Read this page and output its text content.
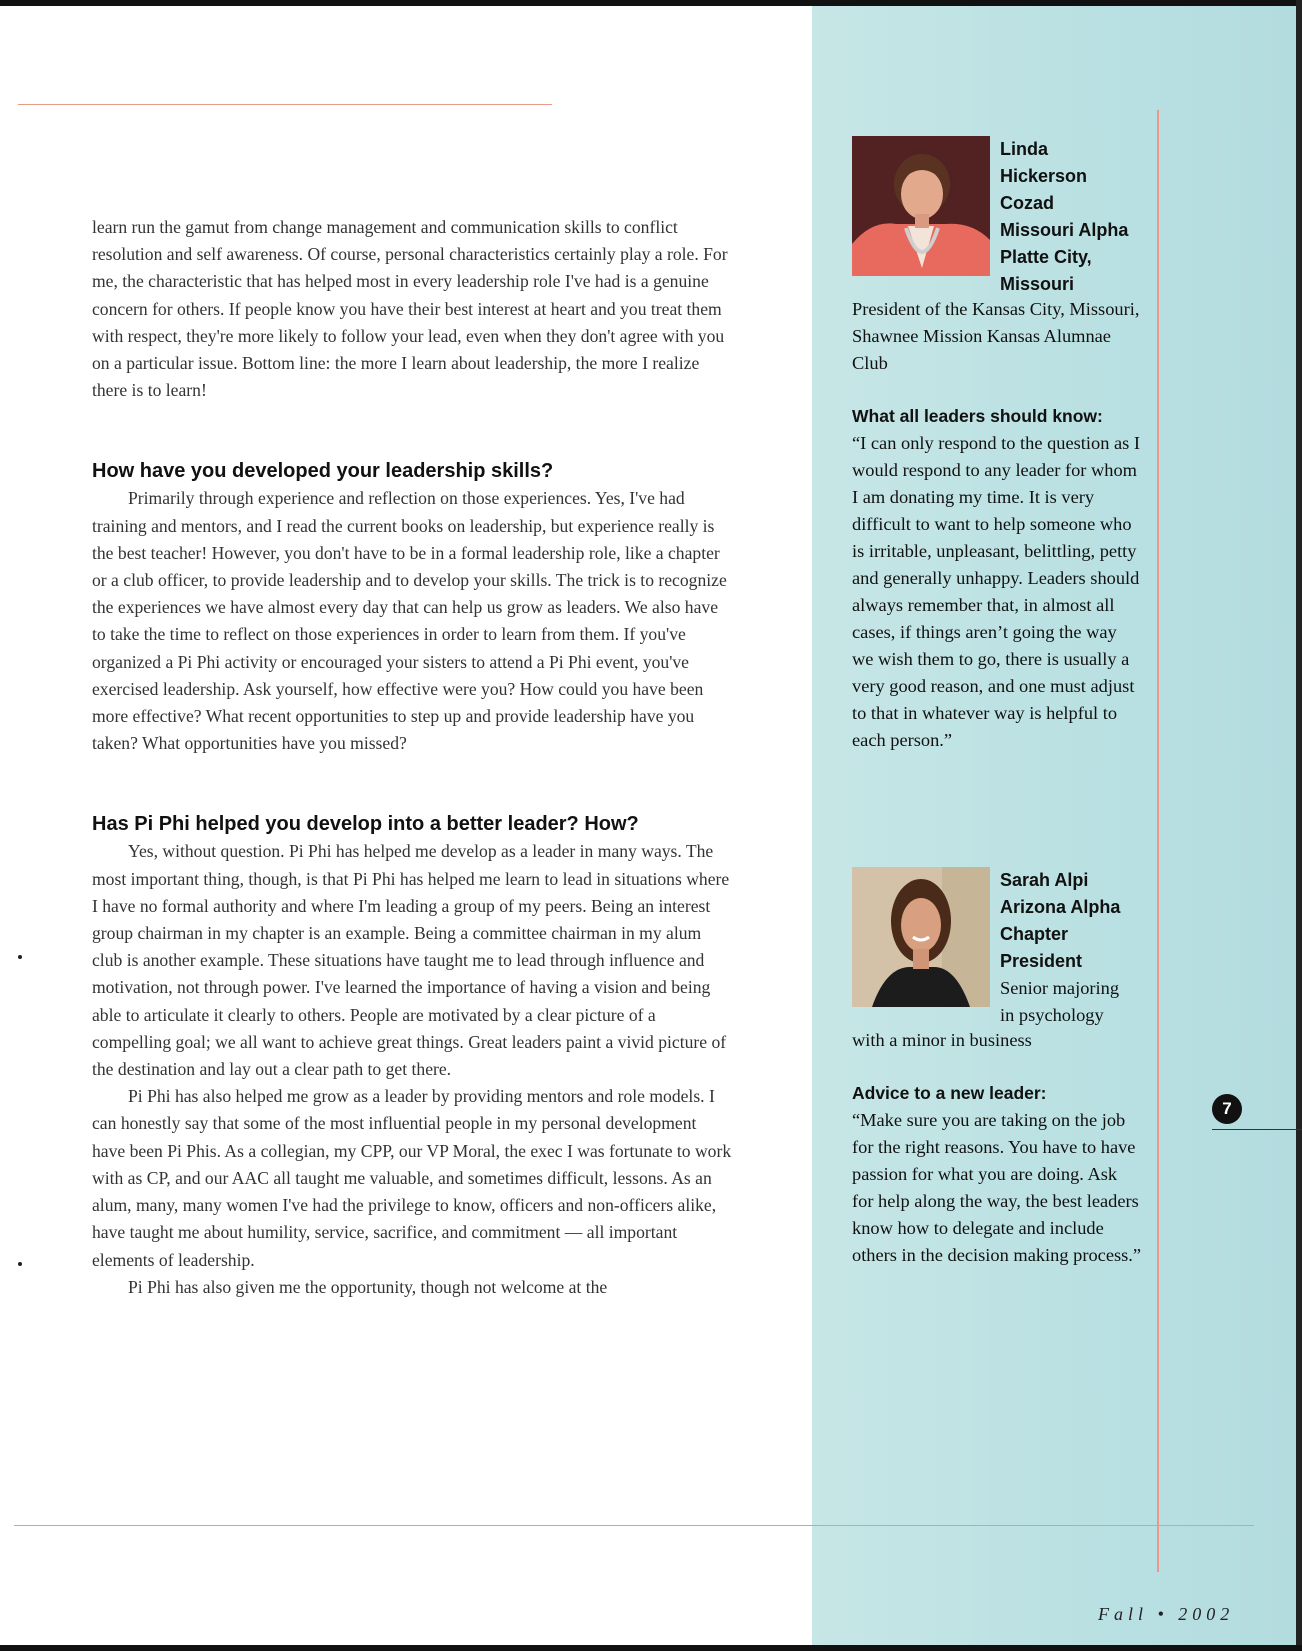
learn run the gamut from change management and communication skills to conflict resolution and self awareness. Of course, personal characteristics certainly play a role. For me, the characteristic that has helped most in every leadership role I've had is a genuine concern for others. If people know you have their best interest at heart and you treat them with respect, they're more likely to follow your lead, even when they don't agree with you on a particular issue. Bottom line: the more I learn about leadership, the more I realize there is to learn!

How have you developed your leadership skills?

Primarily through experience and reflection on those experiences. Yes, I've had training and mentors, and I read the current books on leadership, but experience really is the best teacher! However, you don't have to be in a formal leadership role, like a chapter or a club officer, to provide leadership and to develop your skills. The trick is to recognize the experiences we have almost every day that can help us grow as leaders. We also have to take the time to reflect on those experiences in order to learn from them. If you've organized a Pi Phi activity or encouraged your sisters to attend a Pi Phi event, you've exercised leadership. Ask yourself, how effective were you? How could you have been more effective? What recent opportunities to step up and provide leadership have you taken? What opportunities have you missed?

Has Pi Phi helped you develop into a better leader? How?

Yes, without question. Pi Phi has helped me develop as a leader in many ways. The most important thing, though, is that Pi Phi has helped me learn to lead in situations where I have no formal authority and where I'm leading a group of my peers. Being an interest group chairman in my chapter is an example. Being a committee chairman in my alum club is another example. These situations have taught me to lead through influence and motivation, not through power. I've learned the importance of having a vision and being able to articulate it clearly to others. People are motivated by a clear picture of a compelling goal; we all want to achieve great things. Great leaders paint a vivid picture of the destination and lay out a clear path to get there.

Pi Phi has also helped me grow as a leader by providing mentors and role models. I can honestly say that some of the most influential people in my personal development have been Pi Phis. As a collegian, my CPP, our VP Moral, the exec I was fortunate to work with as CP, and our AAC all taught me valuable, and sometimes difficult, lessons. As an alum, many, many women I've had the privilege to know, officers and non-officers alike, have taught me about humility, service, sacrifice, and commitment — all important elements of leadership.

Pi Phi has also given me the opportunity, though not welcome at the

Linda
Hickerson
Cozad
Missouri Alpha
Platte City,
Missouri

President of the Kansas City, Missouri, Shawnee Mission Kansas Alumnae Club

What all leaders should know:

“I can only respond to the question as I would respond to any leader for whom I am donating my time. It is very difficult to want to help someone who is irritable, unpleasant, belittling, petty and generally unhappy. Leaders should always remember that, in almost all cases, if things aren’t going the way we wish them to go, there is usually a very good reason, and one must adjust to that in whatever way is helpful to each person.”

Sarah Alpi
Arizona Alpha
Chapter
President
Senior majoring
in psychology

with a minor in business

Advice to a new leader:

“Make sure you are taking on the job for the right reasons. You have to have passion for what you are doing. Ask for help along the way, the best leaders know how to delegate and include others in the decision making process.”

7
Fall • 2002
